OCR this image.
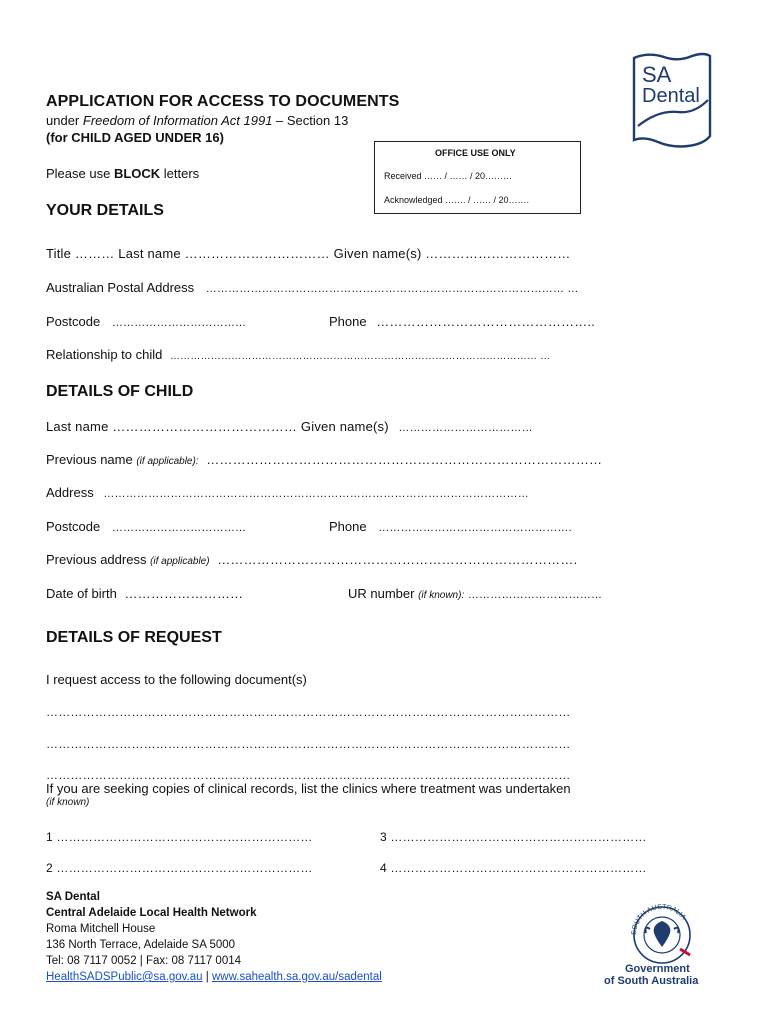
SA
Dental
APPLICATION FOR ACCESS TO DOCUMENTS
under Freedom of Information Act 1991 – Section 13
(for CHILD AGED UNDER 16)
Please use BLOCK letters
OFFICE USE ONLY
Received …… / …… / 20………
Acknowledged ……. / …… / 20…….
YOUR DETAILS
Title ……… Last name …………………………… Given name(s) ……………………………
Australian Postal Address …………………………………………………………………………………… …
Postcode ………………………………	Phone …………………………………………..
Relationship to child ……………………………………………………………………………………………… …
DETAILS OF CHILD
Last name …………………………………… Given name(s) ………………………………
Previous name (if applicable): ………………………………………………………………………………
Address ……………………………………………………………………………………………………
Postcode ………………………………	Phone …………………………………………….
Previous address (if applicable) ……………………………………………………………………….
Date of birth ………………………	UR number (if known): ………………………………
DETAILS OF REQUEST
I request access to the following document(s)
…………………………………………………………………………………………………………………
…………………………………………………………………………………………………………………
…………………………………………………………………………………………………………………
If you are seeking copies of clinical records, list the clinics where treatment was undertaken
(if known)
1 ………………………………………………………	3 ………………………………………………………
2 ………………………………………………………	4 ………………………………………………………
SA Dental
Central Adelaide Local Health Network
Roma Mitchell House
136 North Terrace, Adelaide SA 5000
Tel: 08 7117 0052 | Fax: 08 7117 0014
HealthSADSPublic@sa.gov.au | www.sahealth.sa.gov.au/sadental
SOUTH AUSTRALIA
Government
of South Australia
